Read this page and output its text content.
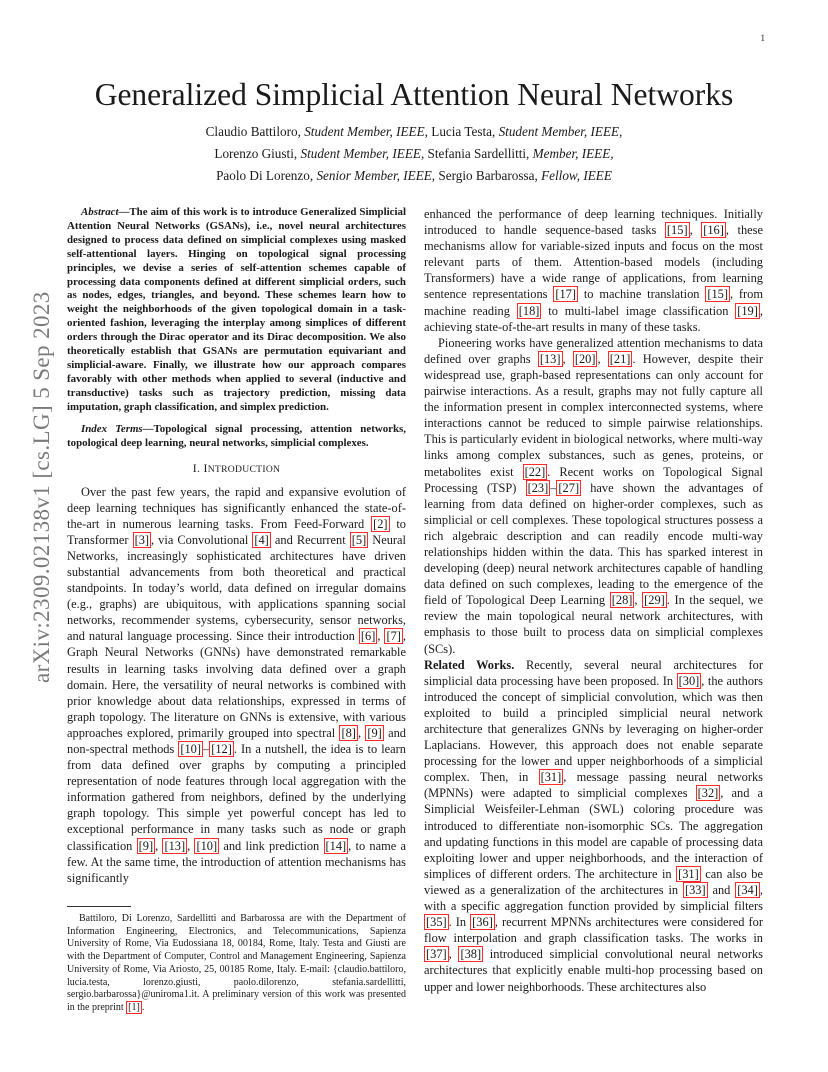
1
arXiv:2309.02138v1 [cs.LG] 5 Sep 2023
Generalized Simplicial Attention Neural Networks
Claudio Battiloro, Student Member, IEEE, Lucia Testa, Student Member, IEEE,
Lorenzo Giusti, Student Member, IEEE, Stefania Sardellitti, Member, IEEE,
Paolo Di Lorenzo, Senior Member, IEEE, Sergio Barbarossa, Fellow, IEEE

Abstract—The aim of this work is to introduce Generalized Simplicial Attention Neural Networks (GSANs), i.e., novel neural architectures designed to process data defined on simplicial complexes using masked self-attentional layers. Hinging on topological signal processing principles, we devise a series of self-attention schemes capable of processing data components defined at different simplicial orders, such as nodes, edges, triangles, and beyond. These schemes learn how to weight the neighborhoods of the given topological domain in a task-oriented fashion, leveraging the interplay among simplices of different orders through the Dirac operator and its Dirac decomposition. We also theoretically establish that GSANs are permutation equivariant and simplicial-aware. Finally, we illustrate how our approach compares favorably with other methods when applied to several (inductive and transductive) tasks such as trajectory prediction, missing data imputation, graph classification, and simplex prediction.

Index Terms—Topological signal processing, attention networks, topological deep learning, neural networks, simplicial complexes.

I. INTRODUCTION

Over the past few years, the rapid and expansive evolution of deep learning techniques has significantly enhanced the state-of-the-art in numerous learning tasks. From Feed-Forward [2] to Transformer [3] , via Convolutional [4] and Recurrent [5] Neural Networks, increasingly sophisticated architectures have driven substantial advancements from both theoretical and practical standpoints. In today’s world, data defined on irregular domains (e.g., graphs) are ubiquitous, with applications spanning social networks, recommender systems, cybersecurity, sensor networks, and natural language processing. Since their introduction [6] , [7] , Graph Neural Networks (GNNs) have demonstrated remarkable results in learning tasks involving data defined over a graph domain. Here, the versatility of neural networks is combined with prior knowledge about data relationships, expressed in terms of graph topology. The literature on GNNs is extensive, with various approaches explored, primarily grouped into spectral [8] , [9] and non-spectral methods [10] – [12] . In a nutshell, the idea is to learn from data defined over graphs by computing a principled representation of node features through local aggregation with the information gathered from neighbors, defined by the underlying graph topology. This simple yet powerful concept has led to exceptional performance in many tasks such as node or graph classification [9] , [13] , [10] and link prediction [14] , to name a few. At the same time, the introduction of attention mechanisms has significantly

Battiloro, Di Lorenzo, Sardellitti and Barbarossa are with the Department of Information Engineering, Electronics, and Telecommunications, Sapienza University of Rome, Via Eudossiana 18, 00184, Rome, Italy. Testa and Giusti are with the Department of Computer, Control and Management Engineering, Sapienza University of Rome, Via Ariosto, 25, 00185 Rome, Italy. E-mail: {claudio.battiloro, lucia.testa, lorenzo.giusti, paolo.dilorenzo, stefania.sardellitti, sergio.barbarossa}@uniroma1.it. A preliminary version of this work was presented in the preprint [1] .

enhanced the performance of deep learning techniques. Initially introduced to handle sequence-based tasks [15] , [16] , these mechanisms allow for variable-sized inputs and focus on the most relevant parts of them. Attention-based models (including Transformers) have a wide range of applications, from learning sentence representations [17] to machine translation [15] , from machine reading [18] to multi-label image classification [19] , achieving state-of-the-art results in many of these tasks.

Pioneering works have generalized attention mechanisms to data defined over graphs [13] , [20] , [21] . However, despite their widespread use, graph-based representations can only account for pairwise interactions. As a result, graphs may not fully capture all the information present in complex interconnected systems, where interactions cannot be reduced to simple pairwise relationships. This is particularly evident in biological networks, where multi-way links among complex substances, such as genes, proteins, or metabolites exist [22] . Recent works on Topological Signal Processing (TSP) [23] – [27] have shown the advantages of learning from data defined on higher-order complexes, such as simplicial or cell complexes. These topological structures possess a rich algebraic description and can readily encode multi-way relationships hidden within the data. This has sparked interest in developing (deep) neural network architectures capable of handling data defined on such complexes, leading to the emergence of the field of Topological Deep Learning [28] , [29] . In the sequel, we review the main topological neural network architectures, with emphasis to those built to process data on simplicial complexes (SCs).

Related Works. Recently, several neural architectures for simplicial data processing have been proposed. In [30] , the authors introduced the concept of simplicial convolution, which was then exploited to build a principled simplicial neural network architecture that generalizes GNNs by leveraging on higher-order Laplacians. However, this approach does not enable separate processing for the lower and upper neighborhoods of a simplicial complex. Then, in [31] , message passing neural networks (MPNNs) were adapted to simplicial complexes [32] , and a Simplicial Weisfeiler-Lehman (SWL) coloring procedure was introduced to differentiate non-isomorphic SCs. The aggregation and updating functions in this model are capable of processing data exploiting lower and upper neighborhoods, and the interaction of simplices of different orders. The architecture in [31] can also be viewed as a generalization of the architectures in [33] and [34] , with a specific aggregation function provided by simplicial filters [35] . In [36] , recurrent MPNNs architectures were considered for flow interpolation and graph classification tasks. The works in [37] , [38] introduced simplicial convolutional neural networks architectures that explicitly enable multi-hop processing based on upper and lower neighborhoods. These architectures also
